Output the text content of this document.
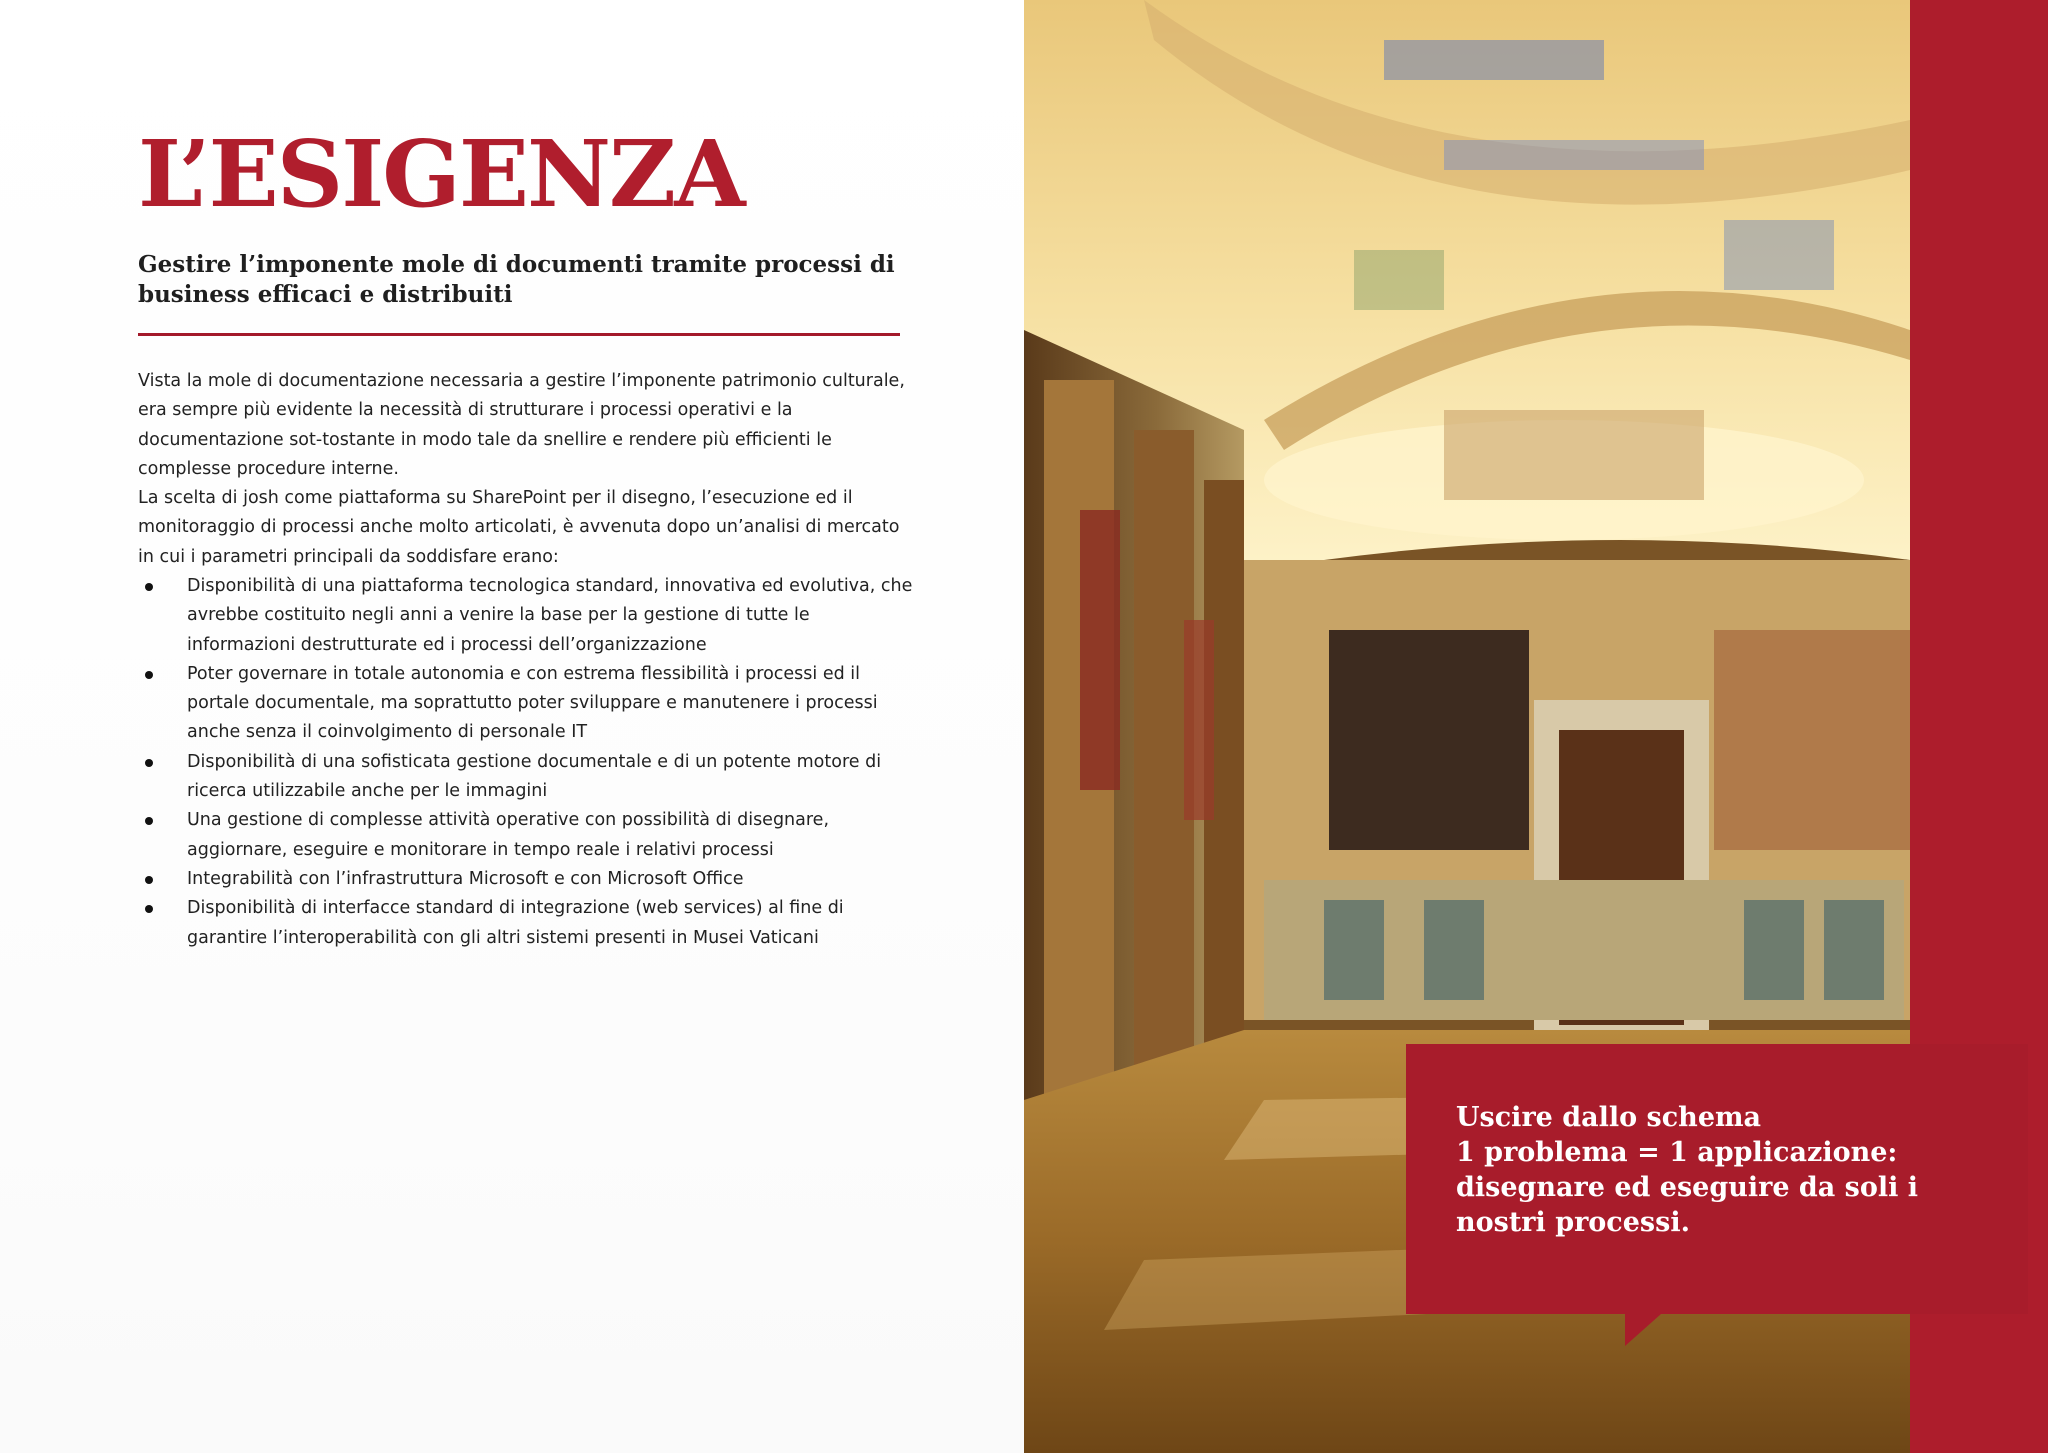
L’ESIGENZA
Gestire l’imponente mole di documenti tramite processi di business efficaci e distribuiti

Vista la mole di documentazione necessaria a gestire l’imponente patrimonio culturale, era sempre più evidente la necessità di strutturare i processi operativi e la documentazione sot-tostante in modo tale da snellire e rendere più efficienti le complesse procedure interne.

La scelta di josh come piattaforma su SharePoint per il disegno, l’esecuzione ed il monitoraggio di processi anche molto articolati, è avvenuta dopo un’analisi di mercato in cui i parametri principali da soddisfare erano:

Disponibilità di una piattaforma tecnologica standard, innovativa ed evolutiva, che avrebbe costituito negli anni a venire la base per la gestione di tutte le informazioni destrutturate ed i processi dell’organizzazione
Poter governare in totale autonomia e con estrema flessibilità i processi ed il portale documentale, ma soprattutto poter sviluppare e manutenere i processi anche senza il coinvolgimento di personale IT
Disponibilità di una sofisticata gestione documentale e di un potente motore di ricerca utilizzabile anche per le immagini
Una gestione di complesse attività operative con possibilità di disegnare, aggiornare, eseguire e monitorare in tempo reale i relativi processi
Integrabilità con l’infrastruttura Microsoft e con Microsoft Office
Disponibilità di interfacce standard di integrazione (web services) al fine di garantire l’interoperabilità con gli altri sistemi presenti in Musei Vaticani
Uscire dallo schema
1 problema = 1 applicazione:
disegnare ed eseguire da soli i
nostri processi.
